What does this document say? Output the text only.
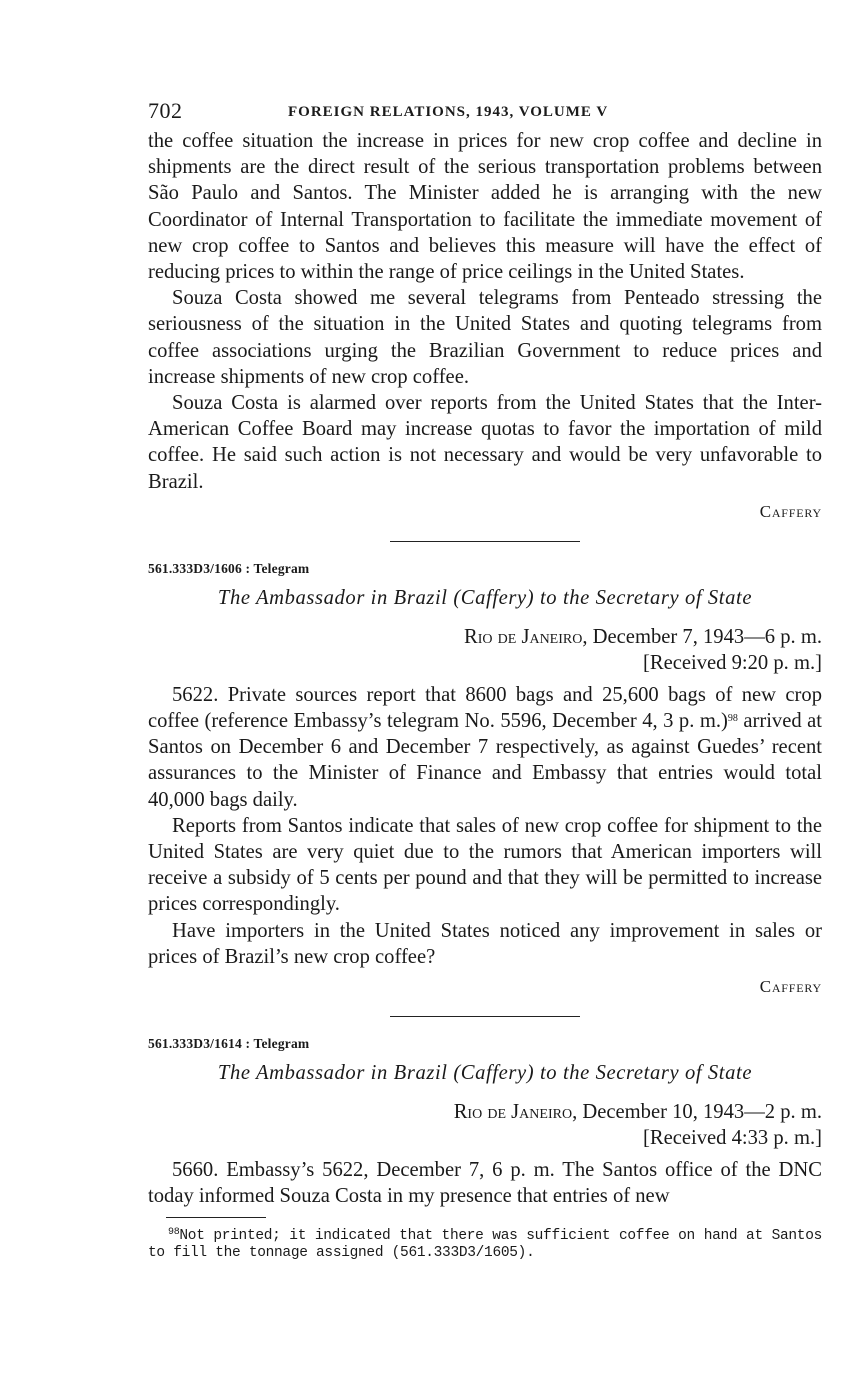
702	FOREIGN RELATIONS, 1943, VOLUME V

the coffee situation the increase in prices for new crop coffee and decline in shipments are the direct result of the serious transportation problems between São Paulo and Santos. The Minister added he is arranging with the new Coordinator of Internal Transportation to facilitate the immediate movement of new crop coffee to Santos and believes this measure will have the effect of reducing prices to within the range of price ceilings in the United States.

Souza Costa showed me several telegrams from Penteado stressing the seriousness of the situation in the United States and quoting telegrams from coffee associations urging the Brazilian Government to reduce prices and increase shipments of new crop coffee.

Souza Costa is alarmed over reports from the United States that the Inter-American Coffee Board may increase quotas to favor the importation of mild coffee. He said such action is not necessary and would be very unfavorable to Brazil.

Caffery
561.333D3/1606 : Telegram
The Ambassador in Brazil (Caffery) to the Secretary of State
Rio de Janeiro, December 7, 1943—6 p. m.
[Received 9:20 p. m.]

5622. Private sources report that 8600 bags and 25,600 bags of new crop coffee (reference Embassy’s telegram No. 5596, December 4, 3 p. m.)$^{98}$ arrived at Santos on December 6 and December 7 respectively, as against Guedes’ recent assurances to the Minister of Finance and Embassy that entries would total 40,000 bags daily.

Reports from Santos indicate that sales of new crop coffee for shipment to the United States are very quiet due to the rumors that American importers will receive a subsidy of 5 cents per pound and that they will be permitted to increase prices correspondingly.

Have importers in the United States noticed any improvement in sales or prices of Brazil’s new crop coffee?

Caffery
561.333D3/1614 : Telegram
The Ambassador in Brazil (Caffery) to the Secretary of State
Rio de Janeiro, December 10, 1943—2 p. m.
[Received 4:33 p. m.]

5660. Embassy’s 5622, December 7, 6 p. m. The Santos office of the DNC today informed Souza Costa in my presence that entries of new

$^{98}$Not printed; it indicated that there was sufficient coffee on hand at Santos to fill the tonnage assigned (561.333D3/1605).
